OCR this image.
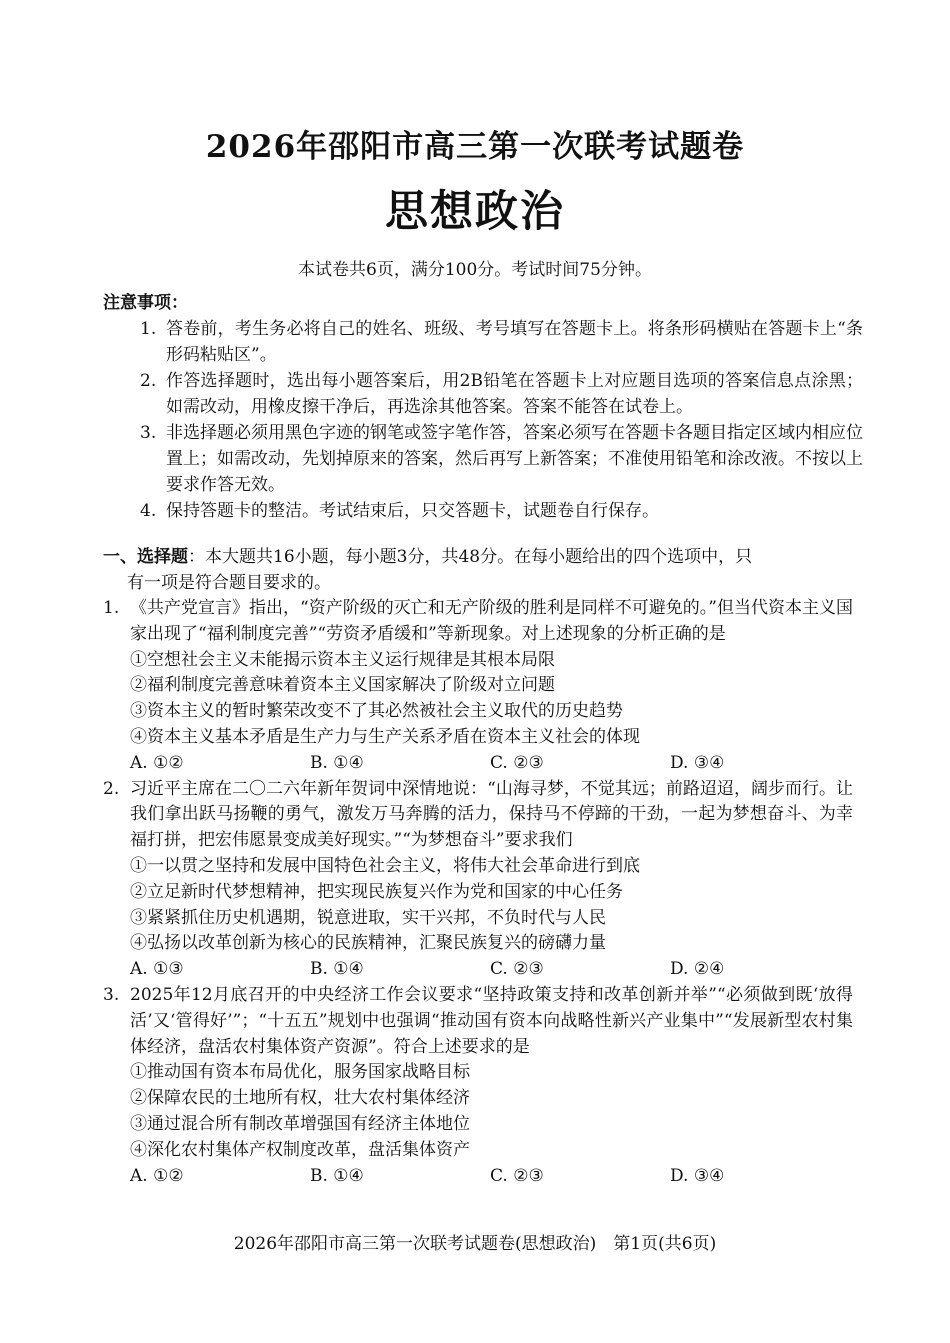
2026年邵阳市高三第一次联考试题卷
思想政治
本试卷共6页，满分100分。考试时间75分钟。
注意事项：
1. 答卷前，考生务必将自己的姓名、班级、考号填写在答题卡上。将条形码横贴在答题卡上“条形码粘贴区”。
2. 作答选择题时，选出每小题答案后，用2B铅笔在答题卡上对应题目选项的答案信息点涂黑；如需改动，用橡皮擦干净后，再选涂其他答案。答案不能答在试卷上。
3. 非选择题必须用黑色字迹的钢笔或签字笔作答，答案必须写在答题卡各题目指定区域内相应位置上；如需改动，先划掉原来的答案，然后再写上新答案；不准使用铅笔和涂改液。不按以上要求作答无效。
4. 保持答题卡的整洁。考试结束后，只交答题卡，试题卷自行保存。
一、选择题：本大题共16小题，每小题3分，共48分。在每小题给出的四个选项中，只
有一项是符合题目要求的。
1. 《共产党宣言》指出，“资产阶级的灭亡和无产阶级的胜利是同样不可避免的。”但当代资本主义国家出现了“福利制度完善”“劳资矛盾缓和”等新现象。对上述现象的分析正确的是
①空想社会主义未能揭示资本主义运行规律是其根本局限
②福利制度完善意味着资本主义国家解决了阶级对立问题
③资本主义的暂时繁荣改变不了其必然被社会主义取代的历史趋势
④资本主义基本矛盾是生产力与生产关系矛盾在资本主义社会的体现
A. ①②	B. ①④	C. ②③	D. ③④
2. 习近平主席在二〇二六年新年贺词中深情地说：“山海寻梦，不觉其远；前路迢迢，阔步而行。让我们拿出跃马扬鞭的勇气，激发万马奔腾的活力，保持马不停蹄的干劲，一起为梦想奋斗、为幸福打拼，把宏伟愿景变成美好现实。”“为梦想奋斗”要求我们
①一以贯之坚持和发展中国特色社会主义，将伟大社会革命进行到底
②立足新时代梦想精神，把实现民族复兴作为党和国家的中心任务
③紧紧抓住历史机遇期，锐意进取，实干兴邦，不负时代与人民
④弘扬以改革创新为核心的民族精神，汇聚民族复兴的磅礴力量
A. ①③	B. ①④	C. ②③	D. ②④
3. 2025年12月底召开的中央经济工作会议要求“坚持政策支持和改革创新并举”“必须做到既‘放得活’又‘管得好’”；“十五五”规划中也强调“推动国有资本向战略性新兴产业集中”“发展新型农村集体经济，盘活农村集体资产资源”。符合上述要求的是
①推动国有资本布局优化，服务国家战略目标
②保障农民的土地所有权，壮大农村集体经济
③通过混合所有制改革增强国有经济主体地位
④深化农村集体产权制度改革，盘活集体资产
A. ①②	B. ①④	C. ②③	D. ③④
2026年邵阳市高三第一次联考试题卷(思想政治)　第1页(共6页)
